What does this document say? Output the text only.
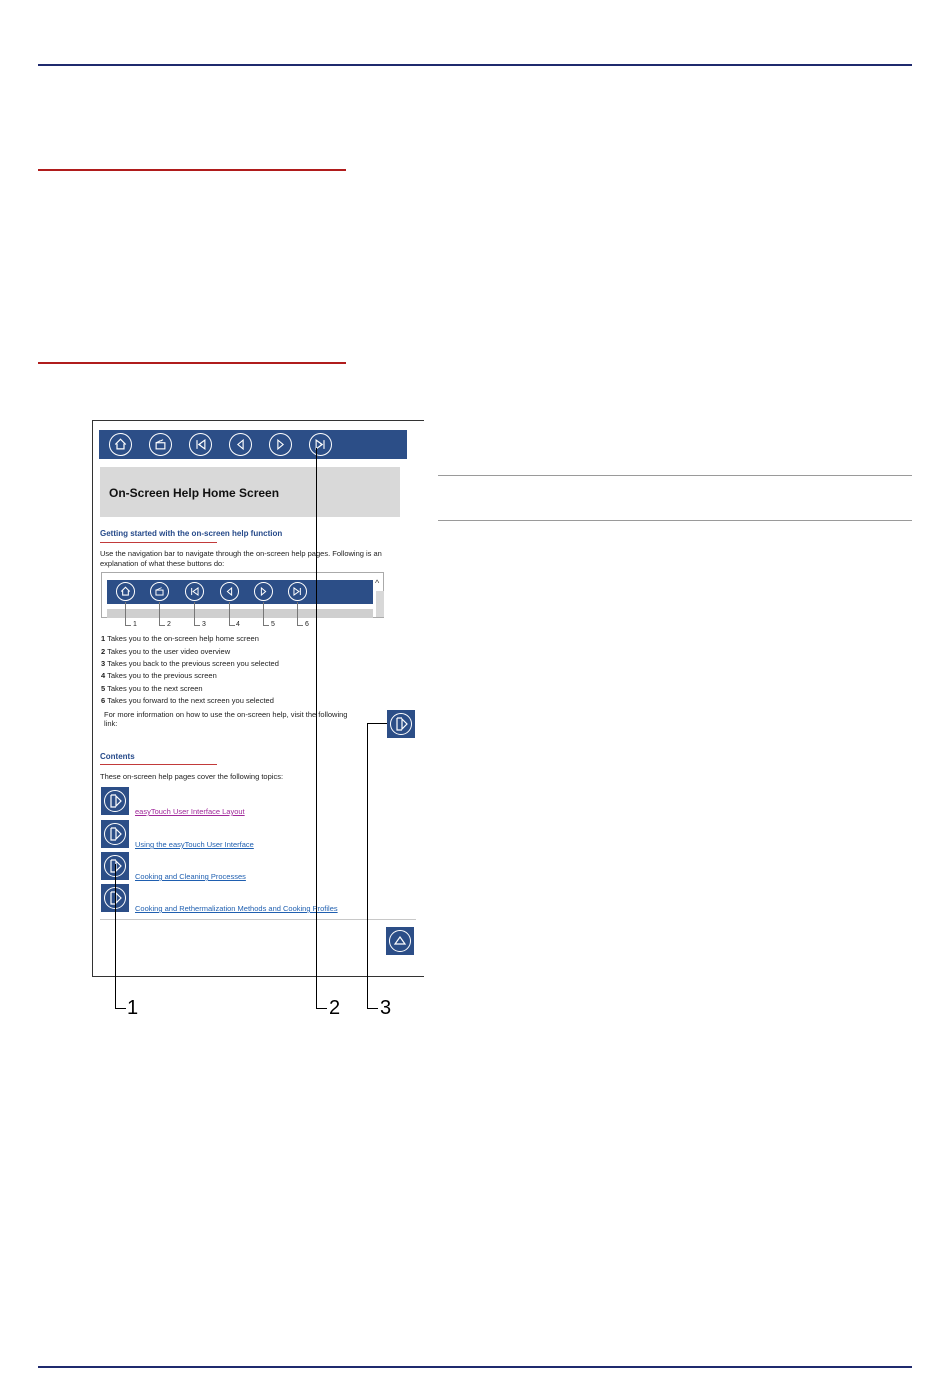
On-Screen Help Home Screen
Getting started with the on-screen help function
Use the navigation bar to navigate through the on-screen help pages. Following is an
explanation of what these buttons do:
^
1	2	3	4	5	6
1 Takes you to the on-screen help home screen
2 Takes you to the user video overview
3 Takes you back to the previous screen you selected
4 Takes you to the previous screen
5 Takes you to the next screen
6 Takes you forward to the next screen you selected
For more information on how to use the on-screen help, visit the following
link:
Contents
These on-screen help pages cover the following topics:
easyTouch User Interface Layout
Using the easyTouch User Interface
Cooking and Cleaning Processes
Cooking and Rethermalization Methods and Cooking Profiles
1	2 3
